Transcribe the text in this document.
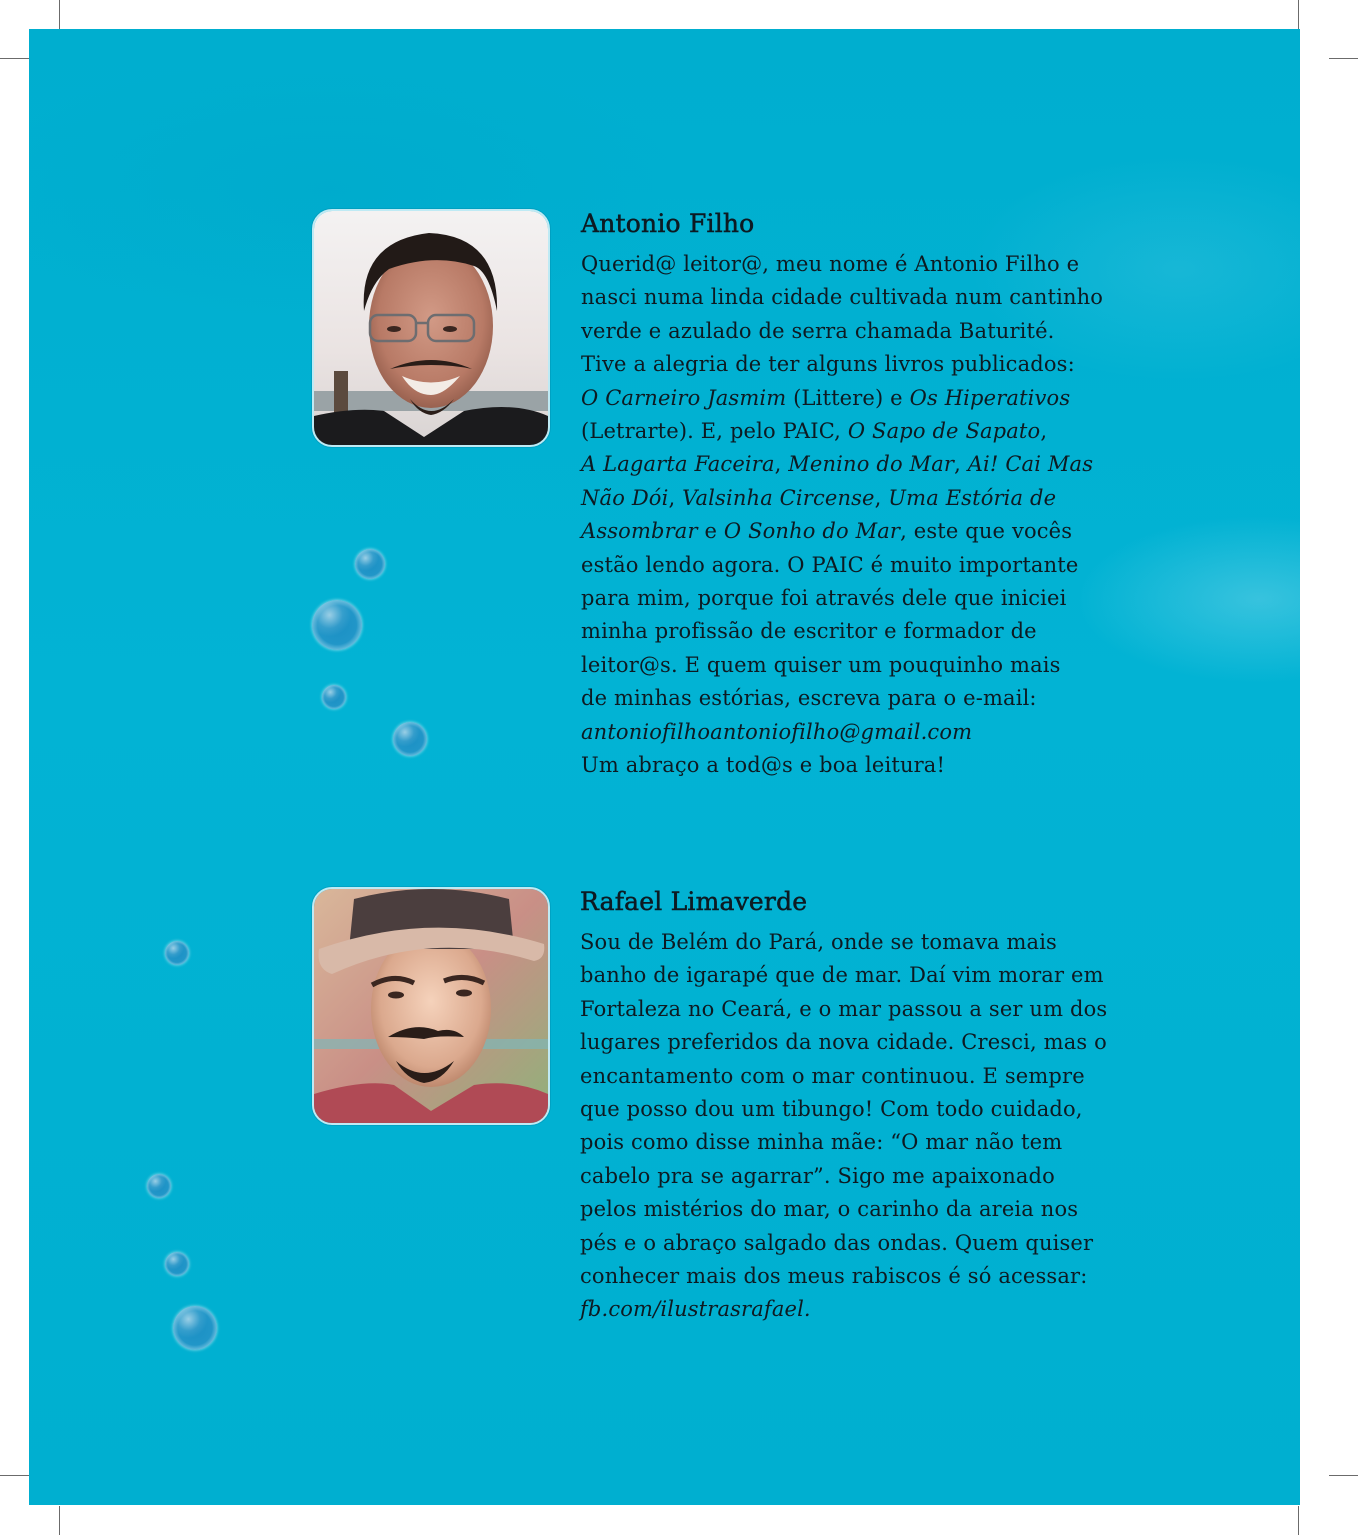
Antonio Filho

Querid@ leitor@, meu nome é Antonio Filho e
nasci numa linda cidade cultivada num cantinho
verde e azulado de serra chamada Baturité.
Tive a alegria de ter alguns livros publicados:
O Carneiro Jasmim (Littere) e Os Hiperativos
(Letrarte). E, pelo PAIC, O Sapo de Sapato,
A Lagarta Faceira, Menino do Mar, Ai! Cai Mas
Não Dói, Valsinha Circense, Uma Estória de
Assombrar e O Sonho do Mar, este que vocês
estão lendo agora. O PAIC é muito importante
para mim, porque foi através dele que iniciei
minha profissão de escritor e formador de
leitor@s. E quem quiser um pouquinho mais
de minhas estórias, escreva para o e-mail:
antoniofilhoantoniofilho@gmail.com
Um abraço a tod@s e boa leitura!

Rafael Limaverde

Sou de Belém do Pará, onde se tomava mais
banho de igarapé que de mar. Daí vim morar em
Fortaleza no Ceará, e o mar passou a ser um dos
lugares preferidos da nova cidade. Cresci, mas o
encantamento com o mar continuou. E sempre
que posso dou um tibungo! Com todo cuidado,
pois como disse minha mãe: “O mar não tem
cabelo pra se agarrar”. Sigo me apaixonado
pelos mistérios do mar, o carinho da areia nos
pés e o abraço salgado das ondas. Quem quiser
conhecer mais dos meus rabiscos é só acessar:
fb.com/ilustrasrafael.
